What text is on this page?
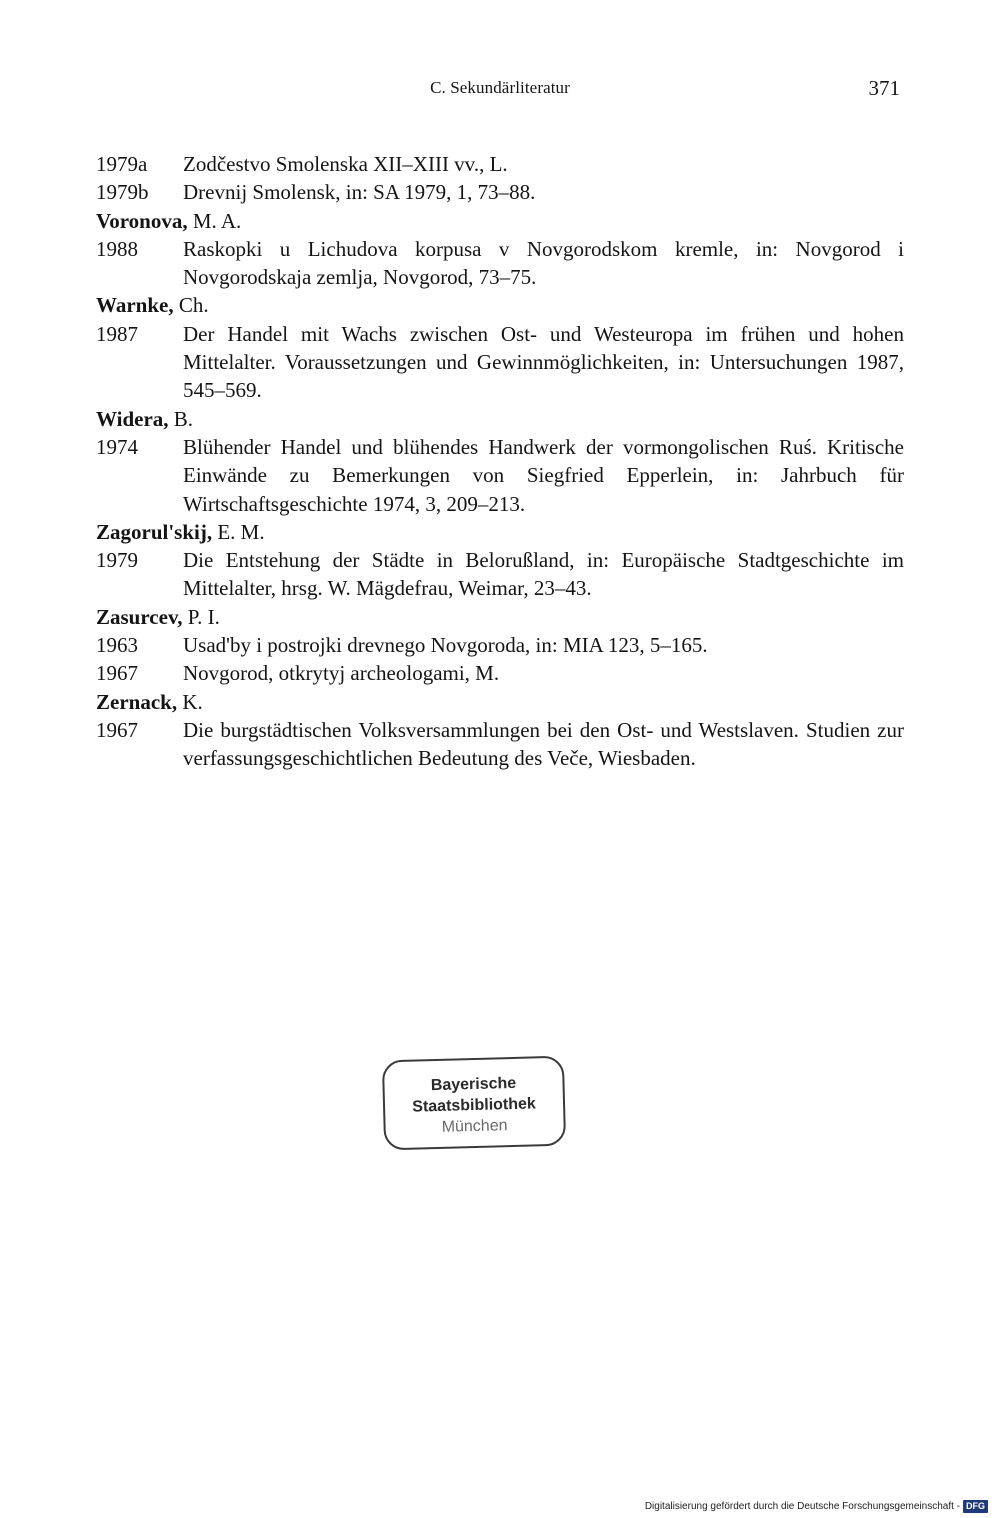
C. Sekundärliteratur	371
1979a	Zodčestvo Smolenska XII–XIII vv., L.
1979b	Drevnij Smolensk, in: SA 1979, 1, 73–88.
Voronova, M. A.
1988	Raskopki u Lichudova korpusa v Novgorodskom kremle, in: Novgorod i Novgorodskaja zemlja, Novgorod, 73–75.
Warnke, Ch.
1987	Der Handel mit Wachs zwischen Ost- und Westeuropa im frühen und hohen Mittelalter. Voraussetzungen und Gewinnmöglichkeiten, in: Untersuchungen 1987, 545–569.
Widera, B.
1974	Blühender Handel und blühendes Handwerk der vormongolischen Ruś. Kritische Einwände zu Bemerkungen von Siegfried Epperlein, in: Jahrbuch für Wirtschaftsgeschichte 1974, 3, 209–213.
Zagorul'skij, E. M.
1979	Die Entstehung der Städte in Belorußland, in: Europäische Stadtgeschichte im Mittelalter, hrsg. W. Mägdefrau, Weimar, 23–43.
Zasurcev, P. I.
1963	Usad'by i postrojki drevnego Novgoroda, in: MIA 123, 5–165.
1967	Novgorod, otkrytyj archeologami, M.
Zernack, K.
1967	Die burgstädtischen Volksversammlungen bei den Ost- und Westslaven. Studien zur verfassungsgeschichtlichen Bedeutung des Veče, Wiesbaden.
Bayerische
Staatsbibliothek
München
Digitalisierung gefördert durch die Deutsche Forschungsgemeinschaft - DFG
